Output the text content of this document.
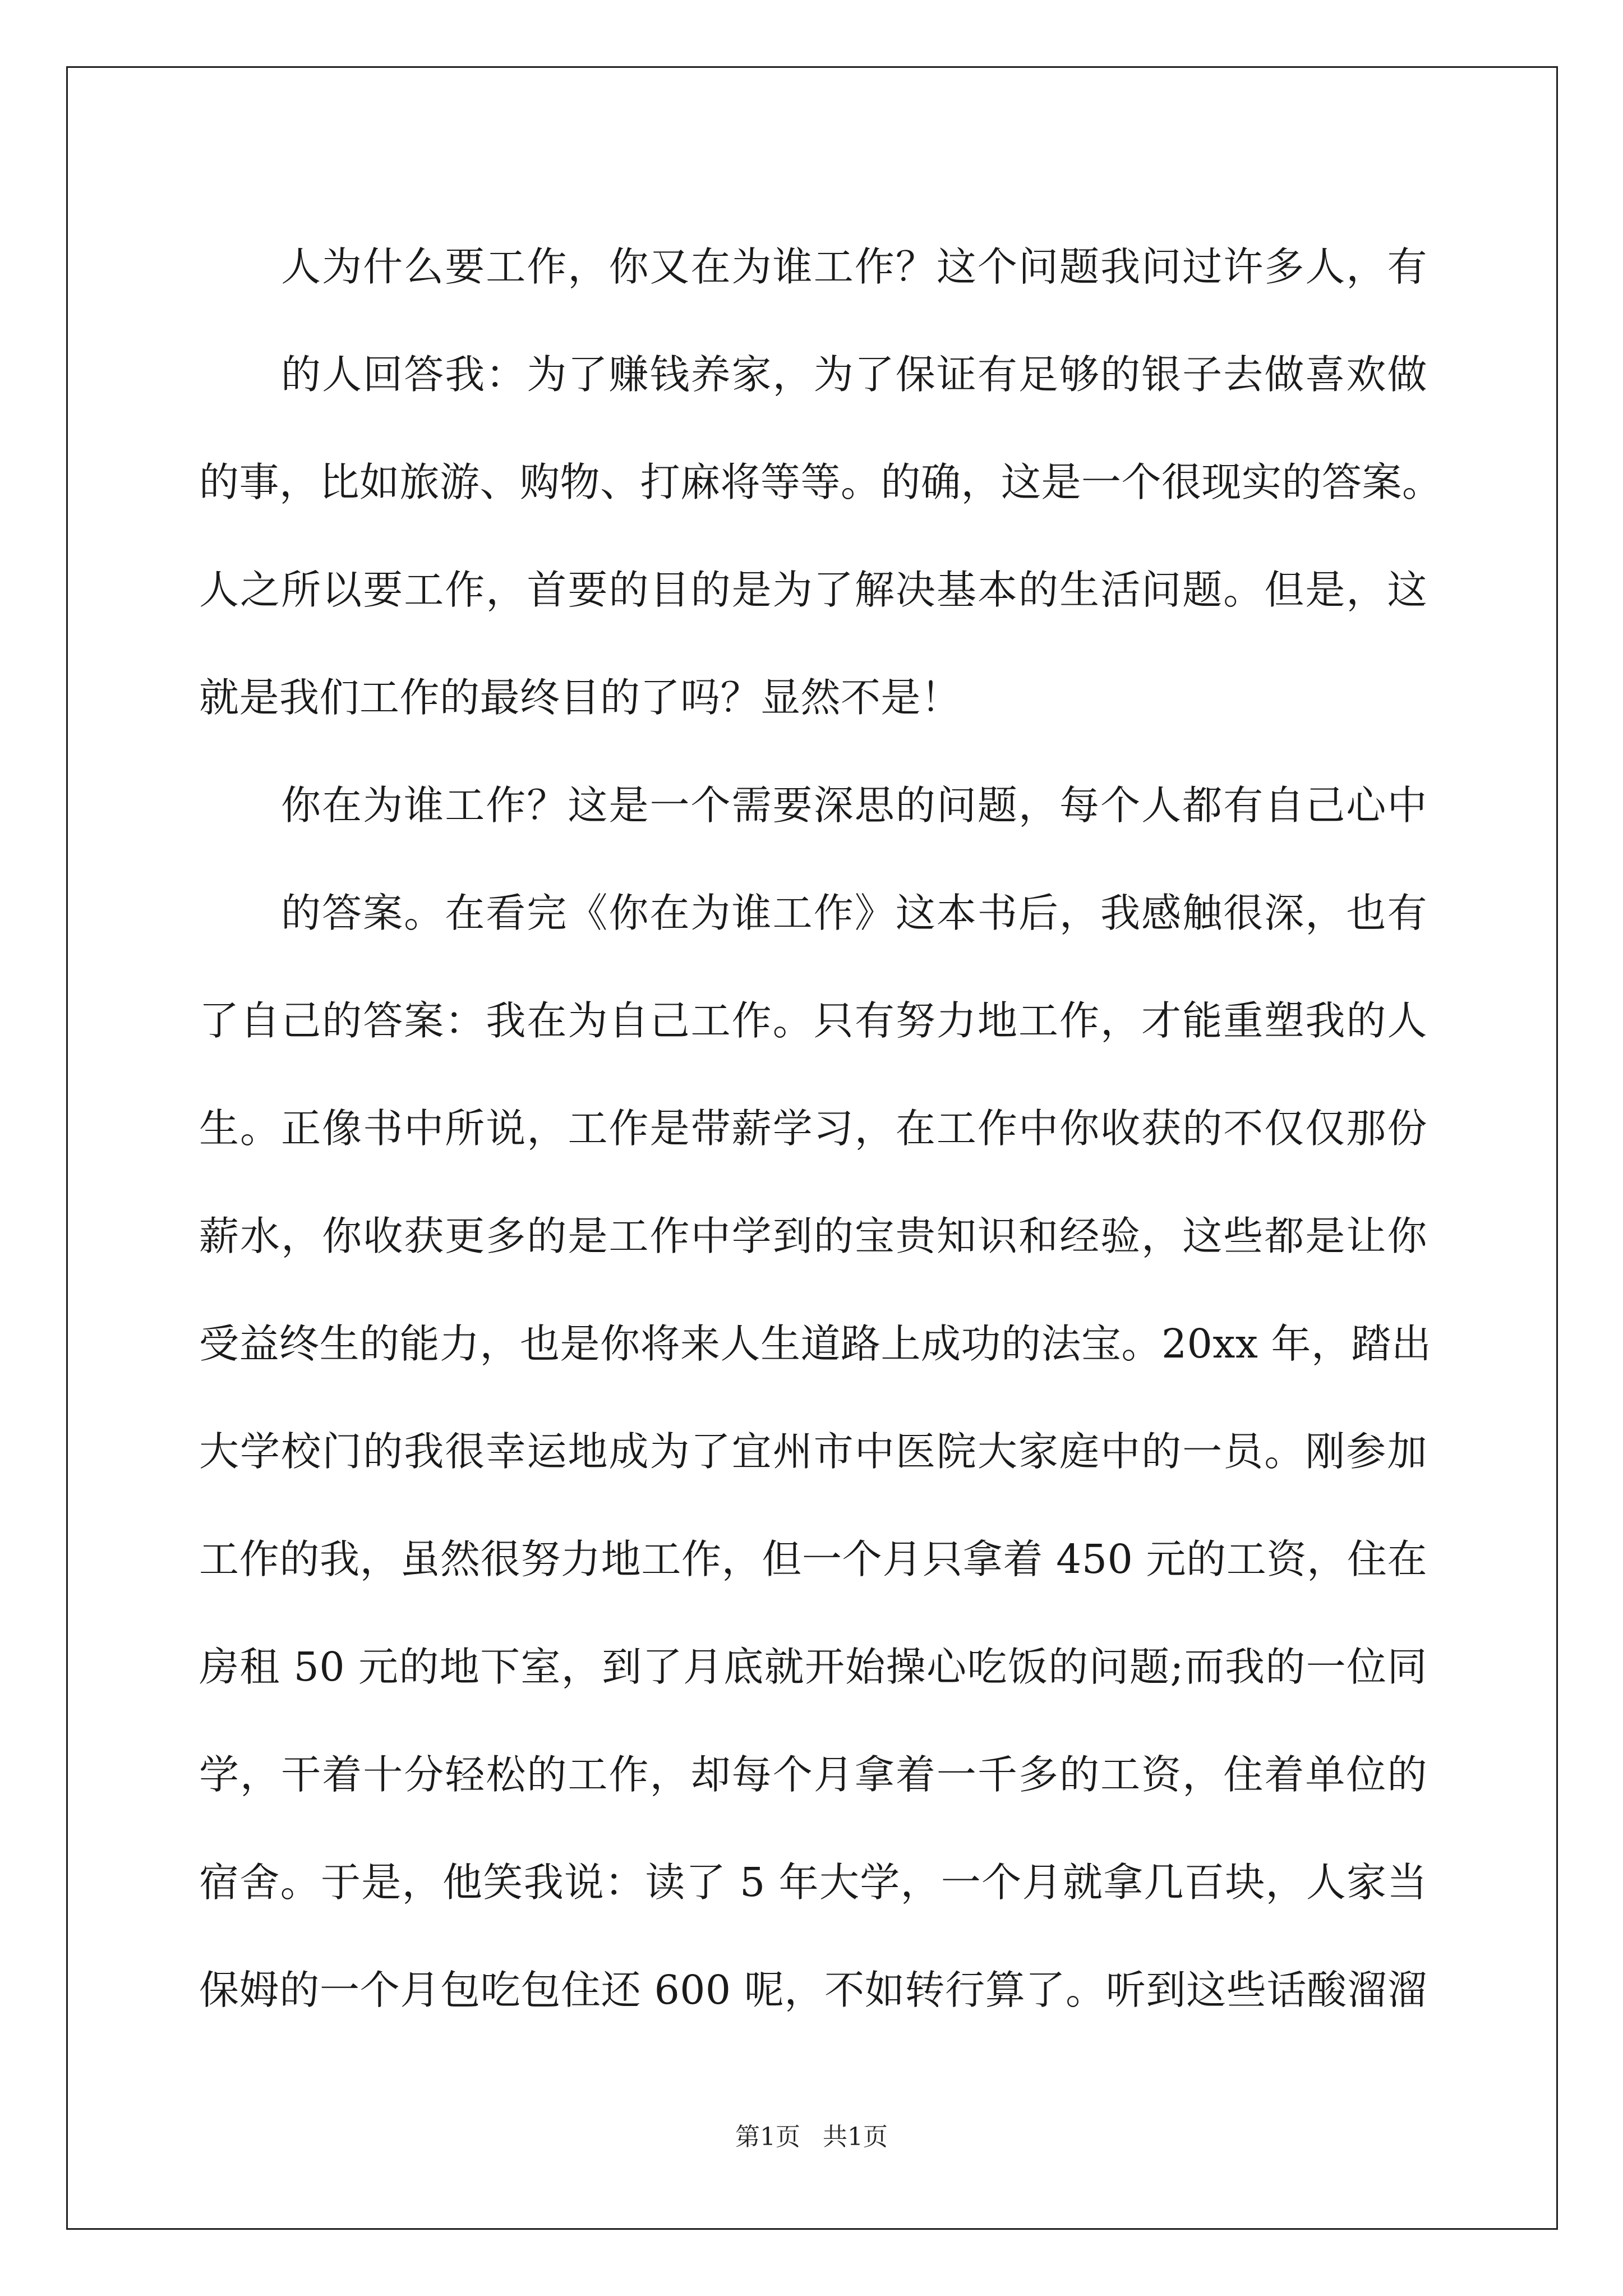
人为什么要工作，你又在为谁工作？这个问题我问过许多人，有
的人回答我：为了赚钱养家，为了保证有足够的银子去做喜欢做
的事，比如旅游、购物、打麻将等等。的确，这是一个很现实的答案。
人之所以要工作，首要的目的是为了解决基本的生活问题。但是，这
就是我们工作的最终目的了吗？显然不是！
你在为谁工作？这是一个需要深思的问题，每个人都有自己心中
的答案。在看完《你在为谁工作》这本书后，我感触很深，也有
了自己的答案：我在为自己工作。只有努力地工作，才能重塑我的人
生。正像书中所说，工作是带薪学习，在工作中你收获的不仅仅那份
薪水，你收获更多的是工作中学到的宝贵知识和经验，这些都是让你
受益终生的能力，也是你将来人生道路上成功的法宝。20xx 年，踏出
大学校门的我很幸运地成为了宜州市中医院大家庭中的一员。刚参加
工作的我，虽然很努力地工作，但一个月只拿着 450 元的工资，住在
房租 50 元的地下室，到了月底就开始操心吃饭的问题;而我的一位同
学，干着十分轻松的工作，却每个月拿着一千多的工资，住着单位的
宿舍。于是，他笑我说：读了 5 年大学，一个月就拿几百块，人家当
保姆的一个月包吃包住还 600 呢，不如转行算了。听到这些话酸溜溜
第1页 共1页
